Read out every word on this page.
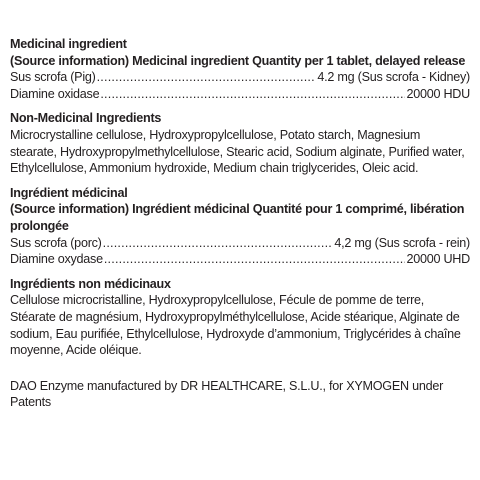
Medicinal ingredient
(Source information) Medicinal ingredient Quantity per 1 tablet, delayed release
Sus scrofa (Pig) .....	4.2 mg (Sus scrofa - Kidney)
Diamine oxidase .....	20000 HDU
Non-Medicinal Ingredients
Microcrystalline cellulose, Hydroxypropylcellulose, Potato starch, Magnesium stearate, Hydroxypropylmethylcellulose, Stearic acid, Sodium alginate, Purified water, Ethylcellulose, Ammonium hydroxide, Medium chain triglycerides, Oleic acid.
Ingrédient médicinal
(Source information) Ingrédient médicinal Quantité pour 1 comprimé, libération prolongée
Sus scrofa (porc) .....	4,2 mg (Sus scrofa - rein)
Diamine oxydase .....	20000 UHD
Ingrédients non médicinaux
Cellulose microcristalline, Hydroxypropylcellulose, Fécule de pomme de terre, Stéarate de magnésium, Hydroxypropylméthylcellulose, Acide stéarique, Alginate de sodium, Eau purifiée, Ethylcellulose, Hydroxyde d’ammonium, Triglycérides à chaîne moyenne, Acide oléique.
DAO Enzyme manufactured by DR HEALTHCARE, S.L.U., for XYMOGEN under Patents
